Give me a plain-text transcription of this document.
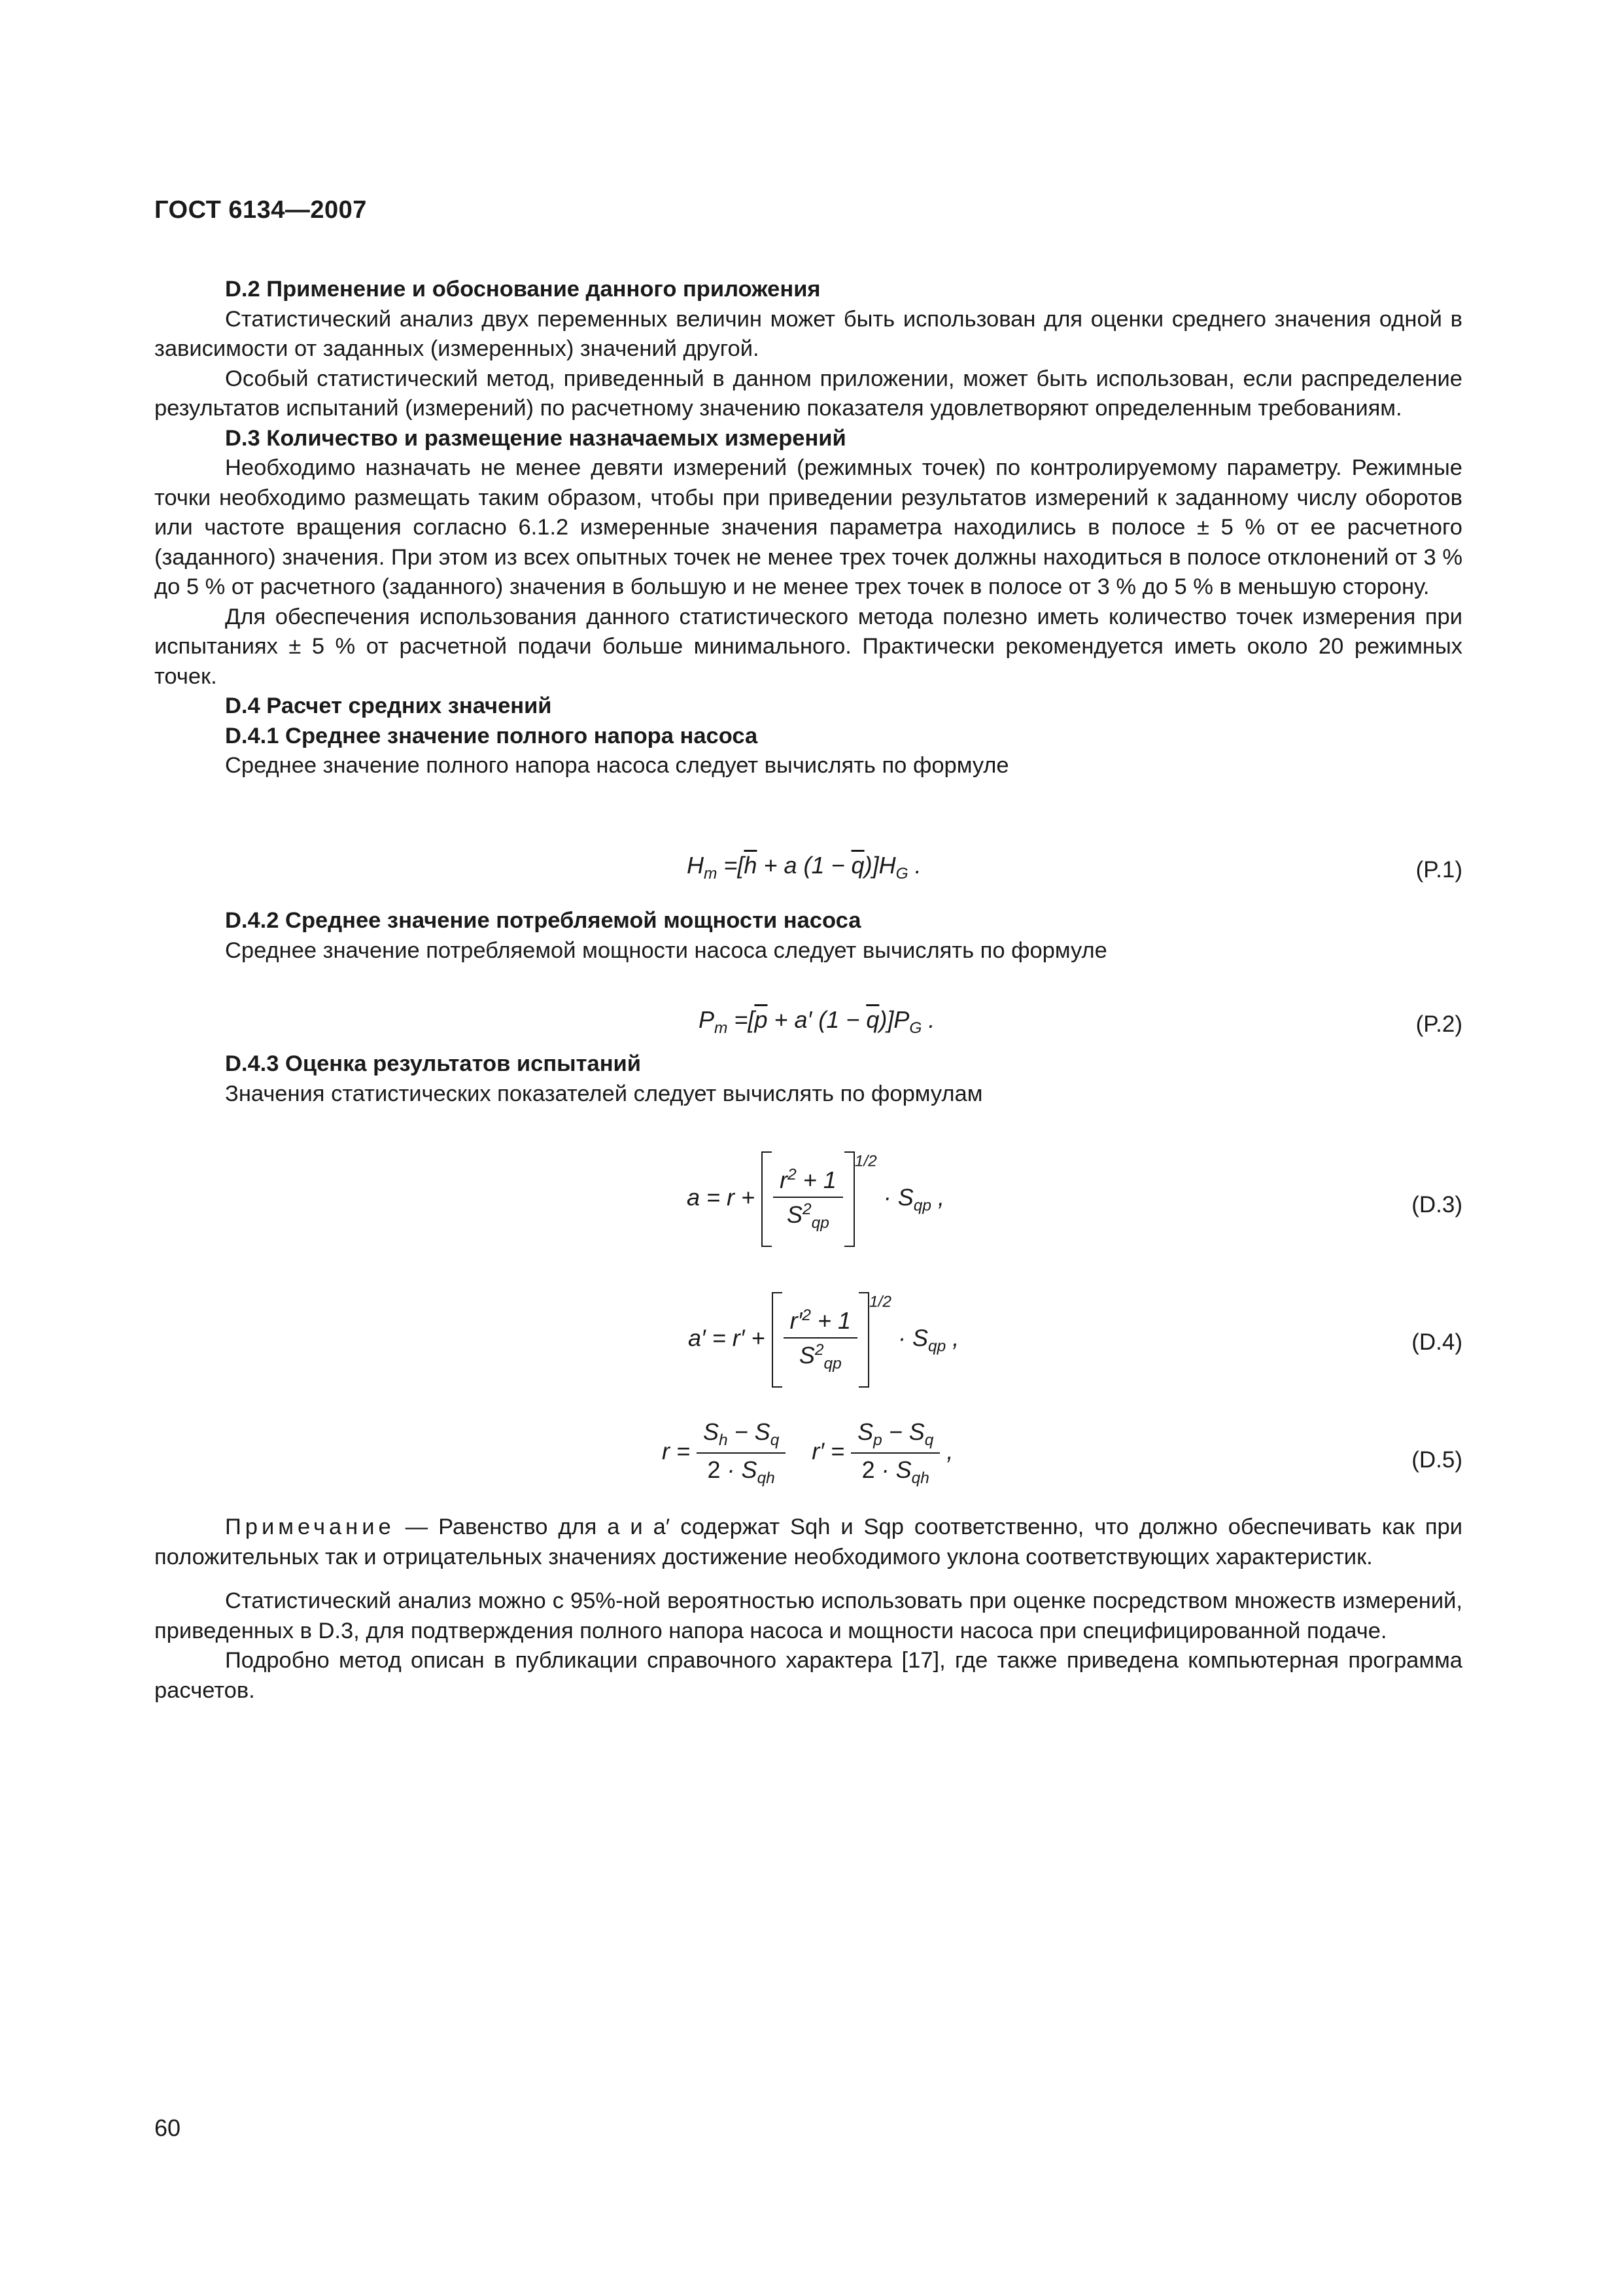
ГОСТ 6134—2007

D.2 Применение и обоснование данного приложения

Статистический анализ двух переменных величин может быть использован для оценки среднего значения одной в зависимости от заданных (измеренных) значений другой.

Особый статистический метод, приведенный в данном приложении, может быть использован, если распределение результатов испытаний (измерений) по расчетному значению показателя удовлетворяют определенным требованиям.

D.3 Количество и размещение назначаемых измерений

Необходимо назначать не менее девяти измерений (режимных точек) по контролируемому параметру. Режимные точки необходимо размещать таким образом, чтобы при приведении результатов измерений к заданному числу оборотов или частоте вращения согласно 6.1.2 измеренные значения параметра находились в полосе ± 5 % от ее расчетного (заданного) значения. При этом из всех опытных точек не менее трех точек должны находиться в полосе отклонений от 3 % до 5 % от расчетного (заданного) значения в большую и не менее трех точек в полосе от 3 % до 5 % в меньшую сторону.

Для обеспечения использования данного статистического метода полезно иметь количество точек измерения при испытаниях ± 5 % от расчетной подачи больше минимального. Практически рекомендуется иметь около 20 режимных точек.

D.4 Расчет средних значений

D.4.1 Среднее значение полного напора насоса

Среднее значение полного напора насоса следует вычислять по формуле

$H_m =[\overline{h} + a$ $(1 - \overline{q})]H_G$ .	(P.1)

D.4.2 Среднее значение потребляемой мощности насоса

Среднее значение потребляемой мощности насоса следует вычислять по формуле

$P_m =[\overline{p} + a'$ $(1 - \overline{q})]P_G$ .	(P.2)

D.4.3 Оценка результатов испытаний

Значения статистических показателей следует вычислять по формулам

$a = r + \frac{r^2 + 1}{S^2_{qp}}$
$^{1/2} \cdot S_{qp}$ ,	(D.3)
$a' = r' + \frac{r'^2 + 1}{S^2_{qp}}$
$^{1/2} \cdot S_{qp}$ ,	(D.4)
$r = \frac{S_h - S_q}{2 \cdot S_{qh}} r' = \frac{S_p - S_q}{2 \cdot S_{qh}}$ ,	(D.5)

Примечание — Равенство для a и a′ содержат Sqh и Sqp соответственно, что должно обеспечивать как при положительных так и отрицательных значениях достижение необходимого уклона соответствующих характеристик.

Статистический анализ можно с 95%-ной вероятностью использовать при оценке посредством множеств измерений, приведенных в D.3, для подтверждения полного напора насоса и мощности насоса при специфицированной подаче.

Подробно метод описан в публикации справочного характера [17], где также приведена компьютерная программа расчетов.

60
